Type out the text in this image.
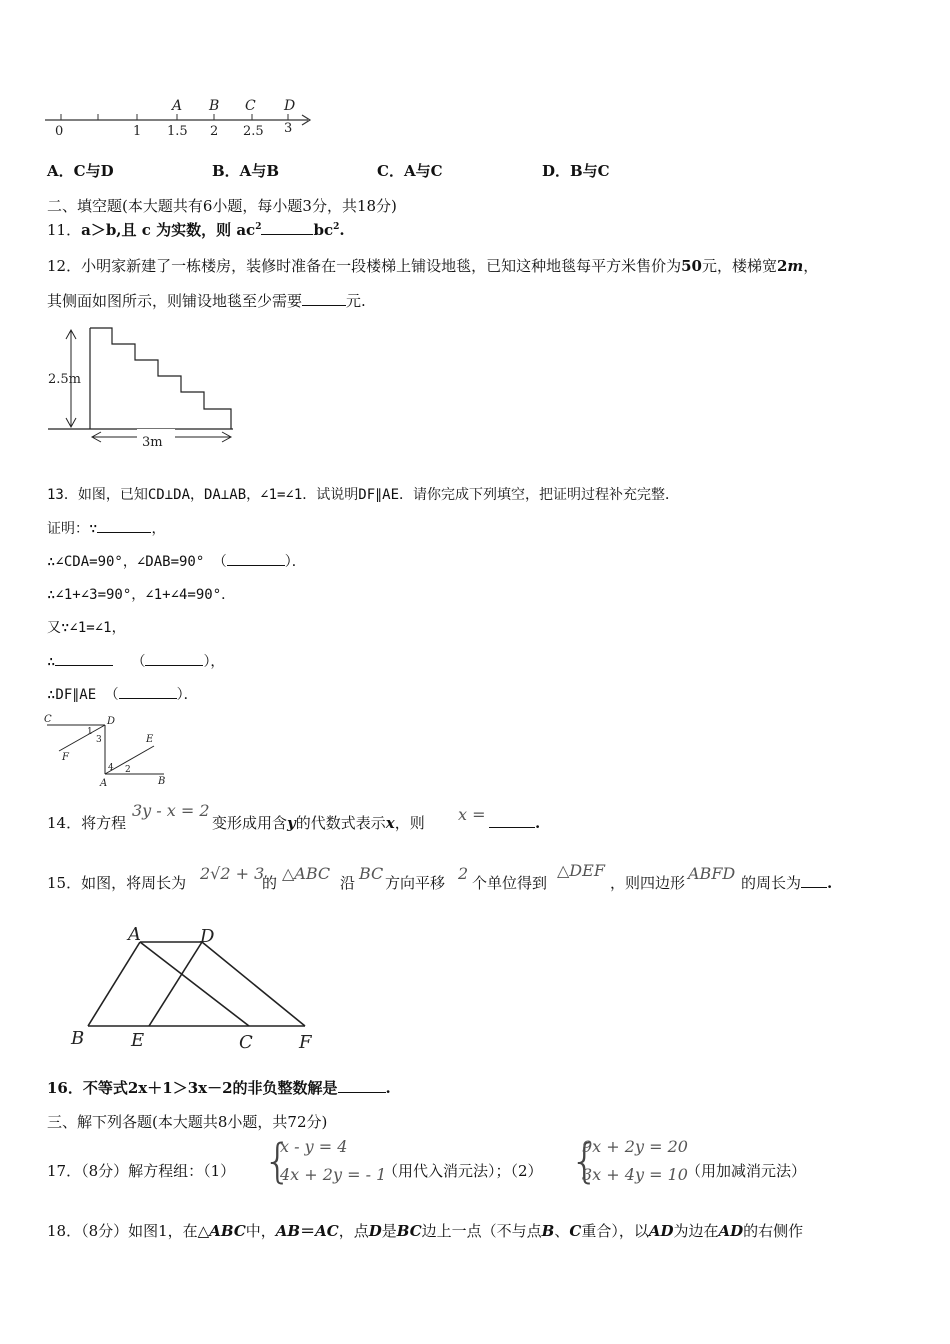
A B C D
0	1 1.5 2 2.5 3
A．C与D	B．A与B	C．A与C	D．B与C
二、填空题(本大题共有6小题，每小题3分，共18分)
11．a＞b,且 c 为实数，则 $ac^2$	$bc^2$.
12．小明家新建了一栋楼房，装修时准备在一段楼梯上铺设地毯，已知这种地毯每平方米售价为50元，楼梯宽2m，
其侧面如图所示，则铺设地毯至少需要	元.
2.5m
3m
13．如图，已知CD⊥DA，DA⊥AB，∠1=∠1．试说明DF∥AE．请你完成下列填空，把证明过程补充完整．
证明：∵	，
∴∠CDA=90°，∠DAB=90° （	）．
∴∠1+∠3=90°，∠1+∠4=90°．
又∵∠1=∠1，
∴	（	），
∴DF∥AE （	）．
C	D
1
3	E
F
4 2
A	B
14．将方程
3y - x = 2
变形成用含y的代数式表示x，则 x =	.
15．如图，将周长为 2√2 + 3
的 △ABC 沿 BC 方向平移 2 个单位得到
△DEF
，则四边形 ABFD 的周长为 .
A	D
B	E	C	F
16．不等式2x＋1＞3x－2的非负整数解是	.
三、解下列各题(本大题共8小题，共72分)
17．（8分）解方程组：（1） {
x - y = 4
4x + 2y = - 1
（用代入消元法）；（2） {
9x + 2y = 20
3x + 4y = 10
（用加减消元法）
18．（8分）如图1，在△ABC中，AB＝AC，点D是BC边上一点（不与点B、C重合），以AD为边在AD的右侧作
